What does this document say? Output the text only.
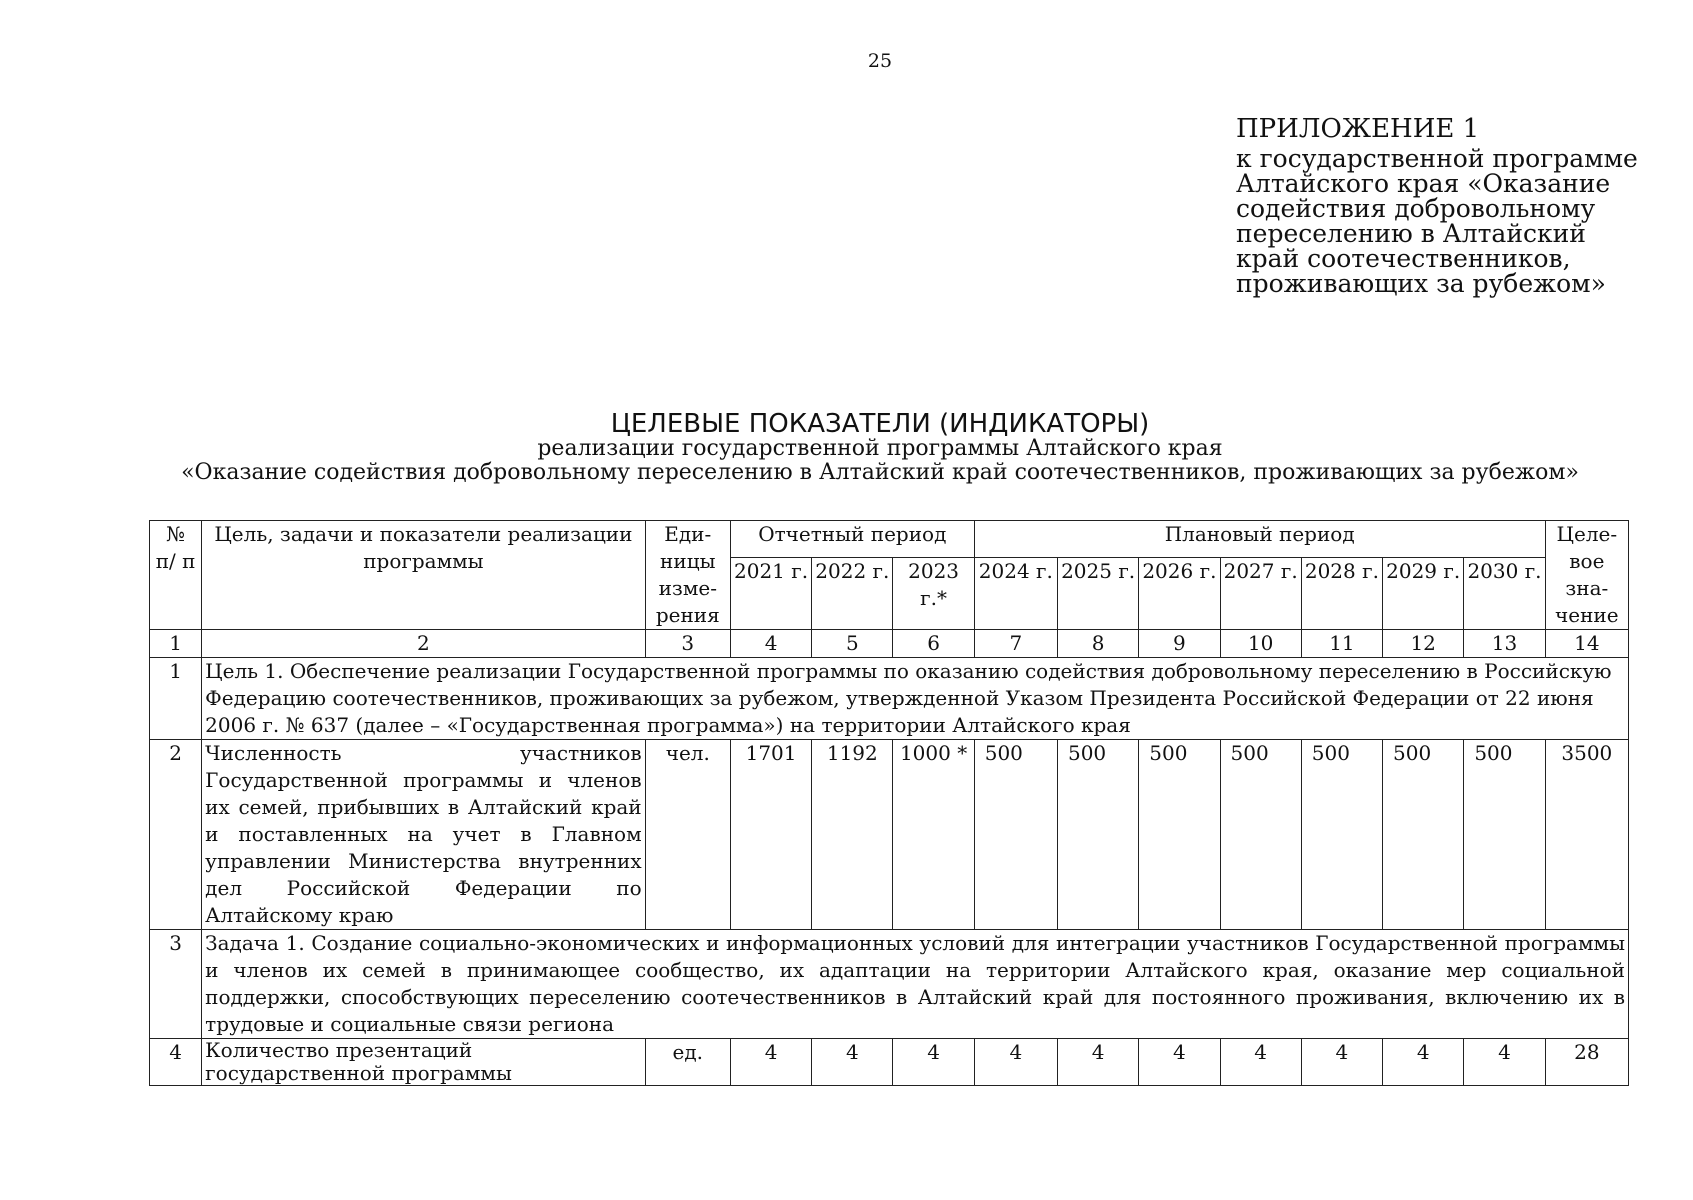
25
ПРИЛОЖЕНИЕ 1
к государственной программе
Алтайского края «Оказание
содействия добровольному
переселению в Алтайский
край соотечественников,
проживающих за рубежом»
ЦЕЛЕВЫЕ ПОКАЗАТЕЛИ (ИНДИКАТОРЫ)
реализации государственной программы Алтайского края
«Оказание содействия добровольному переселению в Алтайский край соотечественников, проживающих за рубежом»
№ п/ п	Цель, задачи и показатели реализации программы	Еди- ницы изме- рения	Отчетный период			Плановый период							Целе- вое зна- чение
			2021 г.	2022 г.	2023 г.*	2024 г.	2025 г.	2026 г.	2027 г.	2028 г.	2029 г.	2030 г.	
1	2	3	4	5	6	7	8	9	10	11	12	13	14
1	Цель 1. Обеспечение реализации Государственной программы по оказанию содействия добровольному переселению в Российскую Федерацию соотечественников, проживающих за рубежом, утвержденной Указом Президента Российской Федерации от 22 июня 2006 г. № 637 (далее – «Государственная программа») на территории Алтайского края												
2	Численность участников Государственной программы и членов их семей, прибывших в Алтайский край и поставленных на учет в Главном управлении Министерства внутренних дел Российской Федерации по Алтайскому краю	чел.	1701	1192	1000 *	500	500	500	500	500	500	500	3500
3	Задача 1. Создание социально-экономических и информационных условий для интеграции участников Государственной программы и членов их семей в принимающее сообщество, их адаптации на территории Алтайского края, оказание мер социальной поддержки, способствующих переселению соотечественников в Алтайский край для постоянного проживания, включению их в трудовые и социальные связи региона												
4	Количество презентаций государственной программы	ед.	4	4	4	4	4	4	4	4	4	4	28
